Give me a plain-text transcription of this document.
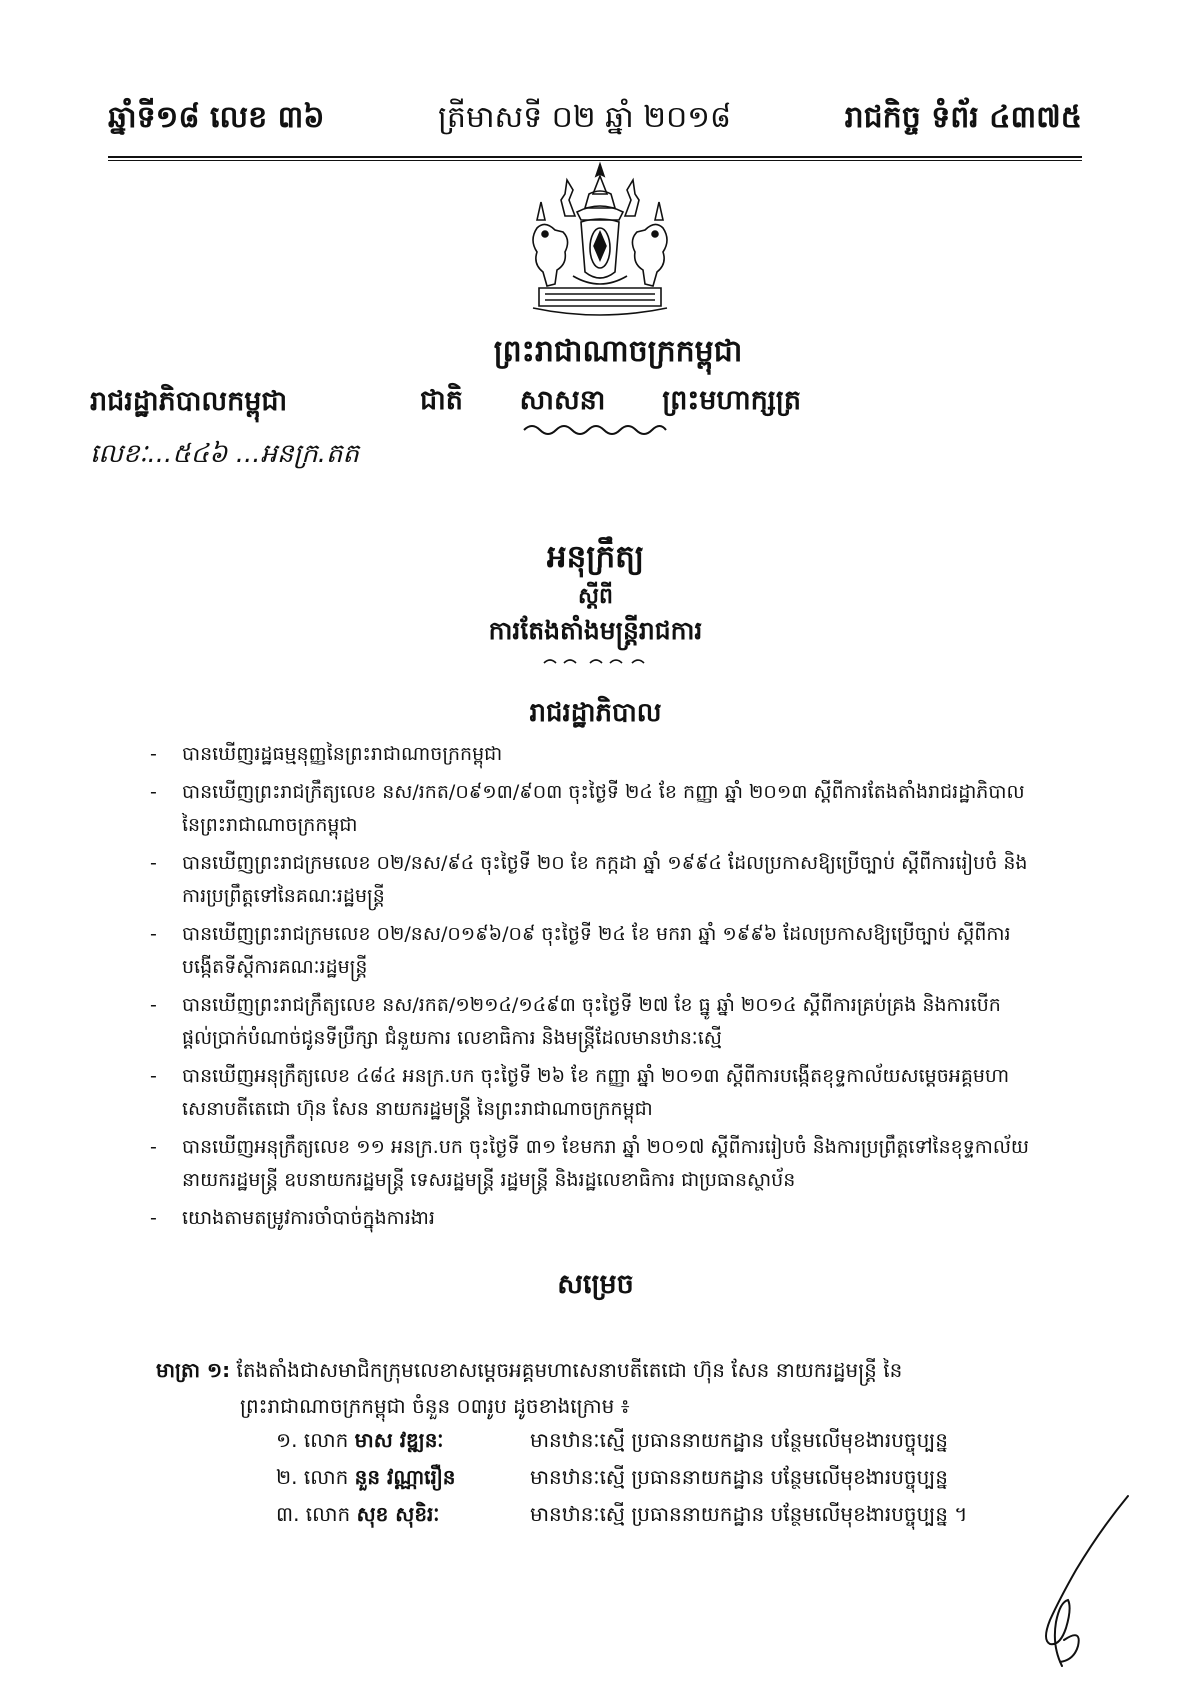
ឆ្នាំទី១៨ លេខ ៣៦	ត្រីមាសទី ០២ ឆ្នាំ ២០១៨	រាជកិច្ច ទំព័រ ៤៣៧៥
ព្រះរាជាណាចក្រកម្ពុជា
រាជរដ្ឋាភិបាលកម្ពុជា	ជាតិ សាសនា ព្រះមហាក្សត្រ
លេខៈ...៥៤៦ ...អនក្រ.តត
អនុក្រឹត្យ
ស្តីពី
ការតែងតាំងមន្ត្រីរាជការ
រាជរដ្ឋាភិបាល
- បានឃើញរដ្ឋធម្មនុញ្ញនៃព្រះរាជាណាចក្រកម្ពុជា
- បានឃើញព្រះរាជក្រឹត្យលេខ នស/រកត/០៩១៣/៩០៣ ចុះថ្ងៃទី ២៤ ខែ កញ្ញា ឆ្នាំ ២០១៣ ស្តីពីការតែងតាំងរាជរដ្ឋាភិបាលនៃព្រះរាជាណាចក្រកម្ពុជា
- បានឃើញព្រះរាជក្រមលេខ ០២/នស/៩៤ ចុះថ្ងៃទី ២០ ខែ កក្កដា ឆ្នាំ ១៩៩៤ ដែលប្រកាសឱ្យប្រើច្បាប់ ស្តីពីការរៀបចំ និងការប្រព្រឹត្តទៅនៃគណៈរដ្ឋមន្ត្រី
- បានឃើញព្រះរាជក្រមលេខ ០២/នស/០១៩៦/០៩ ចុះថ្ងៃទី ២៤ ខែ មករា ឆ្នាំ ១៩៩៦ ដែលប្រកាសឱ្យប្រើច្បាប់ ស្តីពីការបង្កើតទីស្តីការគណៈរដ្ឋមន្ត្រី
- បានឃើញព្រះរាជក្រឹត្យលេខ នស/រកត/១២១៤/១៤៩៣ ចុះថ្ងៃទី ២៧ ខែ ធ្នូ ឆ្នាំ ២០១៤ ស្តីពីការគ្រប់គ្រង និងការបើកផ្តល់ប្រាក់បំណាច់ជូនទីប្រឹក្សា ជំនួយការ លេខាធិការ និងមន្ត្រីដែលមានឋានៈស្មើ
- បានឃើញអនុក្រឹត្យលេខ ៤៨៤ អនក្រ.បក ចុះថ្ងៃទី ២៦ ខែ កញ្ញា ឆ្នាំ ២០១៣ ស្តីពីការបង្កើតខុទ្ទកាល័យសម្តេចអគ្គមហាសេនាបតីតេជោ ហ៊ុន សែន នាយករដ្ឋមន្ត្រី នៃព្រះរាជាណាចក្រកម្ពុជា
- បានឃើញអនុក្រឹត្យលេខ ១១ អនក្រ.បក ចុះថ្ងៃទី ៣១ ខែមករា ឆ្នាំ ២០១៧ ស្តីពីការរៀបចំ និងការប្រព្រឹត្តទៅនៃខុទ្ទកាល័យនាយករដ្ឋមន្ត្រី ឧបនាយករដ្ឋមន្ត្រី ទេសរដ្ឋមន្ត្រី រដ្ឋមន្ត្រី និងរដ្ឋលេខាធិការ ជាប្រធានស្ថាប័ន
- យោងតាមតម្រូវការចាំបាច់ក្នុងការងារ
សម្រេច
មាត្រា ១: តែងតាំងជាសមាជិកក្រុមលេខាសម្តេចអគ្គមហាសេនាបតីតេជោ ហ៊ុន សែន នាយករដ្ឋមន្ត្រី នៃ
ព្រះរាជាណាចក្រកម្ពុជា ចំនួន ០៣រូប ដូចខាងក្រោម ៖
១. លោក មាស វឌ្ឍនៈ	មានឋានៈស្មើ ប្រធាននាយកដ្ឋាន បន្ថែមលើមុខងារបច្ចុប្បន្ន
២. លោក នួន វណ្ណារឿន	មានឋានៈស្មើ ប្រធាននាយកដ្ឋាន បន្ថែមលើមុខងារបច្ចុប្បន្ន
៣. លោក សុខ សុខិរៈ	មានឋានៈស្មើ ប្រធាននាយកដ្ឋាន បន្ថែមលើមុខងារបច្ចុប្បន្ន ។
